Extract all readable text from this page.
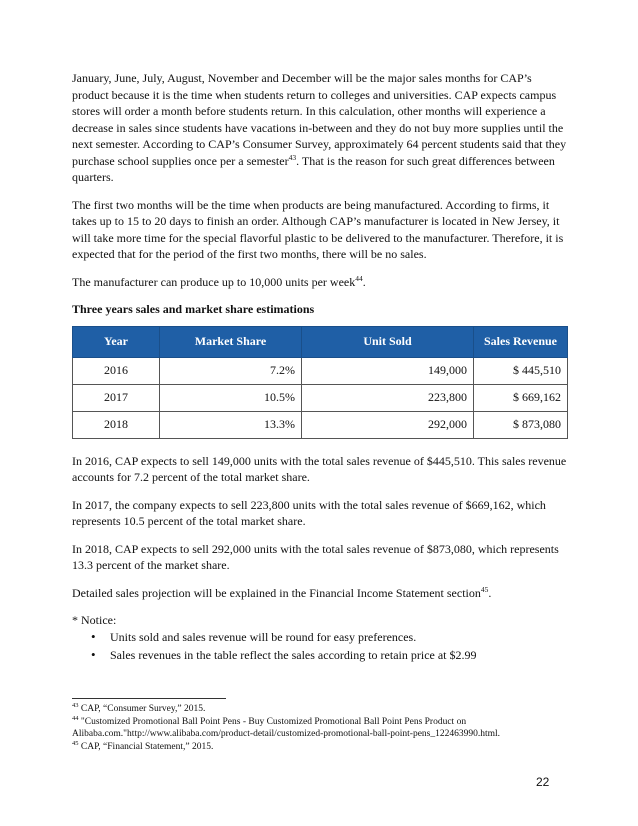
January, June, July, August, November and December will be the major sales months for CAP’s product because it is the time when students return to colleges and universities. CAP expects campus stores will order a month before students return. In this calculation, other months will experience a decrease in sales since students have vacations in-between and they do not buy more supplies until the next semester. According to CAP’s Consumer Survey, approximately 64 percent students said that they purchase school supplies once per a semester$^{43}$. That is the reason for such great differences between quarters.

The first two months will be the time when products are being manufactured. According to firms, it takes up to 15 to 20 days to finish an order. Although CAP’s manufacturer is located in New Jersey, it will take more time for the special flavorful plastic to be delivered to the manufacturer. Therefore, it is expected that for the period of the first two months, there will be no sales.

The manufacturer can produce up to 10,000 units per week$^{44}$.

Three years sales and market share estimations

Year	Market Share	Unit Sold	Sales Revenue
2016	7.2%	149,000	$ 445,510
2017	10.5%	223,800	$ 669,162
2018	13.3%	292,000	$ 873,080

In 2016, CAP expects to sell 149,000 units with the total sales revenue of $445,510. This sales revenue accounts for 7.2 percent of the total market share.

In 2017, the company expects to sell 223,800 units with the total sales revenue of $669,162, which represents 10.5 percent of the total market share.

In 2018, CAP expects to sell 292,000 units with the total sales revenue of $873,080, which represents 13.3 percent of the market share.

Detailed sales projection will be explained in the Financial Income Statement section$^{45}$.

* Notice:

• Units sold and sales revenue will be round for easy preferences.
• Sales revenues in the table reflect the sales according to retain price at $2.99

$^{43}$ CAP, “Consumer Survey,” 2015.

$^{44}$ "Customized Promotional Ball Point Pens - Buy Customized Promotional Ball Point Pens Product on Alibaba.com."http://www.alibaba.com/product-detail/customized-promotional-ball-point-pens_122463990.html.

$^{45}$ CAP, “Financial Statement,” 2015.

22
